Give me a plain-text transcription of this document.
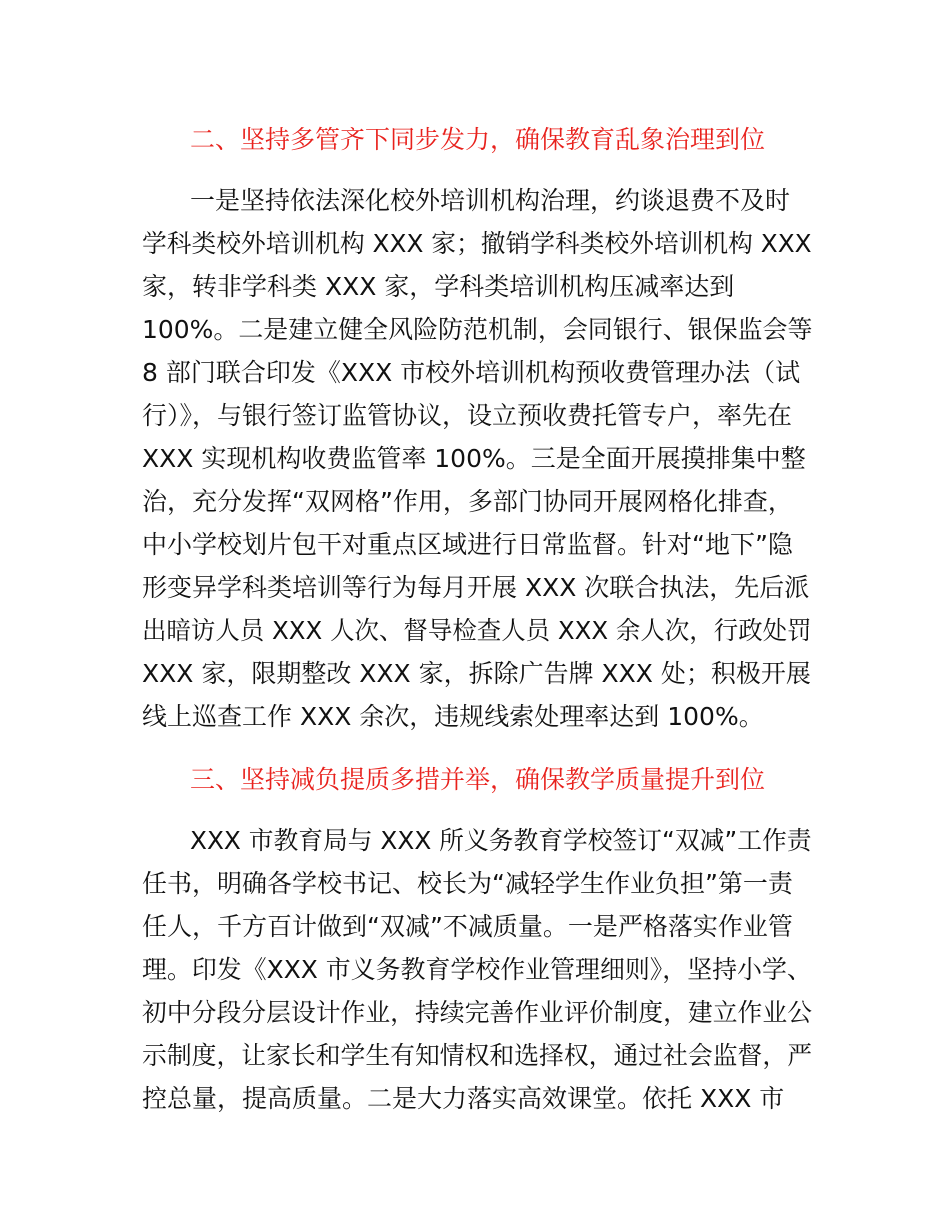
二、坚持多管齐下同步发力，确保教育乱象治理到位

一是坚持依法深化校外培训机构治理，约谈退费不及时

学科类校外培训机构 XXX 家；撤销学科类校外培训机构 XXX

家，转非学科类 XXX 家，学科类培训机构压减率达到

100%。二是建立健全风险防范机制，会同银行、银保监会等

8 部门联合印发《XXX 市校外培训机构预收费管理办法（试

行）》，与银行签订监管协议，设立预收费托管专户，率先在

XXX 实现机构收费监管率 100%。三是全面开展摸排集中整

治，充分发挥“双网格”作用，多部门协同开展网格化排查，

中小学校划片包干对重点区域进行日常监督。针对“地下”隐

形变异学科类培训等行为每月开展 XXX 次联合执法，先后派

出暗访人员 XXX 人次、督导检查人员 XXX 余人次，行政处罚

XXX 家，限期整改 XXX 家，拆除广告牌 XXX 处；积极开展

线上巡查工作 XXX 余次，违规线索处理率达到 100%。

三、坚持减负提质多措并举，确保教学质量提升到位

XXX 市教育局与 XXX 所义务教育学校签订“双减”工作责

任书，明确各学校书记、校长为“减轻学生作业负担”第一责

任人，千方百计做到“双减”不减质量。一是严格落实作业管

理。印发《XXX 市义务教育学校作业管理细则》，坚持小学、

初中分段分层设计作业，持续完善作业评价制度，建立作业公

示制度，让家长和学生有知情权和选择权，通过社会监督，严

控总量，提高质量。二是大力落实高效课堂。依托 XXX 市
